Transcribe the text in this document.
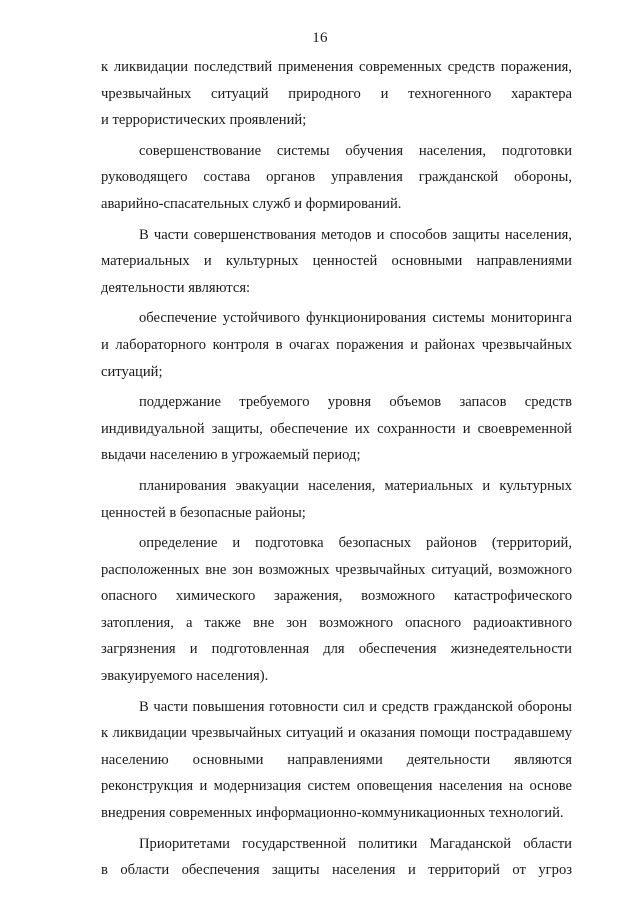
16
к ликвидации последствий применения современных средств поражения,
чрезвычайных ситуаций природного и техногенного характера
и террористических проявлений;
совершенствование системы обучения населения, подготовки
руководящего состава органов управления гражданской обороны,
аварийно-спасательных служб и формирований.
В части совершенствования методов и способов защиты населения,
материальных и культурных ценностей основными направлениями
деятельности являются:
обеспечение устойчивого функционирования системы мониторинга
и лабораторного контроля в очагах поражения и районах чрезвычайных
ситуаций;
поддержание требуемого уровня объемов запасов средств
индивидуальной защиты, обеспечение их сохранности и своевременной
выдачи населению в угрожаемый период;
планирования эвакуации населения, материальных и культурных
ценностей в безопасные районы;
определение и подготовка безопасных районов (территорий,
расположенных вне зон возможных чрезвычайных ситуаций, возможного
опасного химического заражения, возможного катастрофического
затопления, а также вне зон возможного опасного радиоактивного
загрязнения и подготовленная для обеспечения жизнедеятельности
эвакуируемого населения).
В части повышения готовности сил и средств гражданской обороны
к ликвидации чрезвычайных ситуаций и оказания помощи пострадавшему
населению основными направлениями деятельности являются
реконструкция и модернизация систем оповещения населения на основе
внедрения современных информационно-коммуникационных технологий.
Приоритетами государственной политики Магаданской области
в области обеспечения защиты населения и территорий от угроз
